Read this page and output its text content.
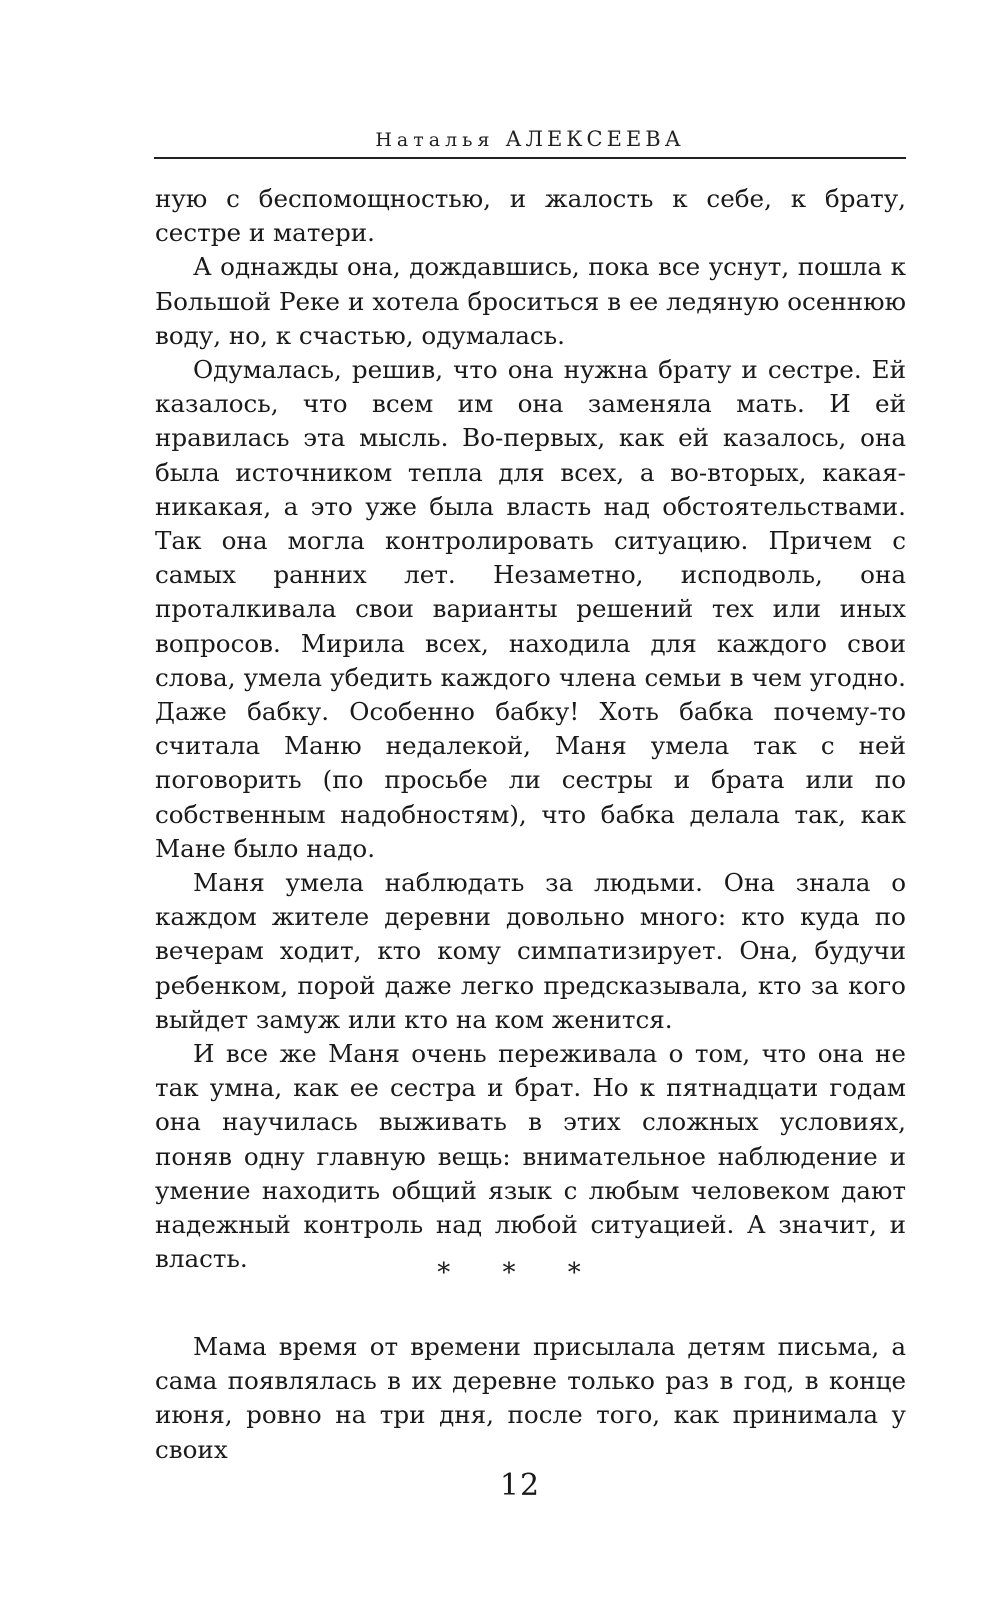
Наталья АЛЕКСЕЕВА

ную с беспомощностью, и жалость к себе, к брату, сестре и матери.

А однажды она, дождавшись, пока все уснут, пошла к Большой Реке и хотела броситься в ее ледяную осеннюю воду, но, к счастью, одумалась.

Одумалась, решив, что она нужна брату и сестре. Ей казалось, что всем им она заменяла мать. И ей нравилась эта мысль. Во-первых, как ей казалось, она была источником тепла для всех, а во-вторых, какая-никакая, а это уже была власть над обстоятельствами. Так она могла контролировать ситуацию. Причем с самых ранних лет. Незаметно, исподволь, она проталкивала свои варианты решений тех или иных вопросов. Мирила всех, находила для каждого свои слова, умела убедить каждого члена семьи в чем угодно. Даже бабку. Особенно бабку! Хоть бабка почему-то считала Маню недалекой, Маня умела так с ней поговорить (по просьбе ли сестры и брата или по собственным надобностям), что бабка делала так, как Мане было надо.

Маня умела наблюдать за людьми. Она знала о каждом жителе деревни довольно много: кто куда по вечерам ходит, кто кому симпатизирует. Она, будучи ребенком, порой даже легко предсказывала, кто за кого выйдет замуж или кто на ком женится.

И все же Маня очень переживала о том, что она не так умна, как ее сестра и брат. Но к пятнадцати годам она научилась выживать в этих сложных условиях, поняв одну главную вещь: внимательное наблюдение и умение находить общий язык с любым человеком дают надежный контроль над любой ситуацией. А значит, и власть.	* * *

Мама время от времени присылала детям письма, а сама появлялась в их деревне только раз в год, в конце июня, ровно на три дня, после того, как принимала у своих

12
